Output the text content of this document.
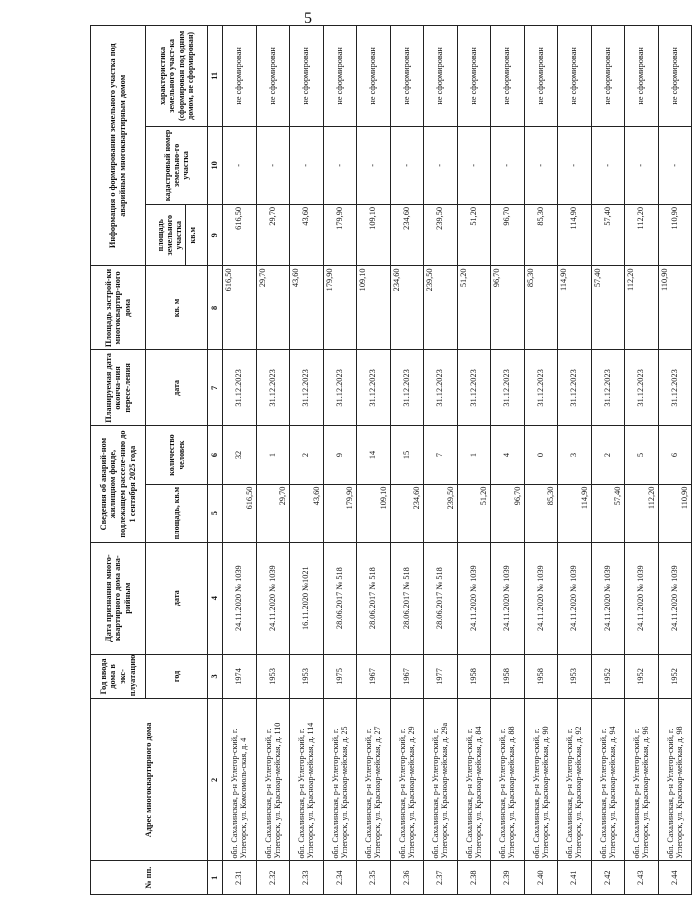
5
№ пп.	Адрес многоквартирного дома	Год ввода дома в экс-плуатацию	Дата признания много-квартирного дома ава-рийным	Сведения об аварий-ном жилищном фонде, подлежащем расселе-нию до 1 сентября 2025 года		Планируемая дата оконча-ния пересе-ления	Площадь застрой-ки многоквартир-ного дома	Информация о формировании земельного участка под аварийным многоквартирным домом		
		год	дата	площадь, кв.м	количество человек	дата	кв. м	площадь земельного участка кв.м	кадастровый номер земельно-го участка	характеристика земельного участ-ка (сформирован под одним домом, не сформирован)
1	2	3	4	5	6	7	8	9	10	11
2.31	обл. Сахалинская, р-н Углегор-ский, г. Углегорск, ул. Комсомоль-ская, д. 4	1974	24.11.2020 № 1039	616,50	32	31.12.2023	616,50	616,50	-	не сформирован
2.32	обл. Сахалинская, р-н Углегор-ский, г. Углегорск, ул. Краснoар-мейская, д. 110	1953	24.11.2020 № 1039	29,70	1	31.12.2023	29,70	29,70	-	не сформирован
2.33	обл. Сахалинская, р-н Углегор-ский, г. Углегорск, ул. Краснoар-мейская, д. 114	1953	16.11.2020 №1021	43,60	2	31.12.2023	43,60	43,60	-	не сформирован
2.34	обл. Сахалинская, р-н Углегор-ский, г. Углегорск, ул. Краснoар-мейская, д. 25	1975	28.06.2017 № 518	179,90	9	31.12.2023	179,90	179,90	-	не сформирован
2.35	обл. Сахалинская, р-н Углегор-ский, г. Углегорск, ул. Краснoар-мейская, д. 27	1967	28.06.2017 № 518	109,10	14	31.12.2023	109,10	109,10	-	не сформирован
2.36	обл. Сахалинская, р-н Углегор-ский, г. Углегорск, ул. Краснoар-мейская, д. 29	1967	28.06.2017 № 518	234,60	15	31.12.2023	234,60	234,60	-	не сформирован
2.37	обл. Сахалинская, р-н Углегор-ский, г. Углегорск, ул. Краснoар-мейская, д. 29а	1977	28.06.2017 № 518	239,50	7	31.12.2023	239,50	239,50	-	не сформирован
2.38	обл. Сахалинская, р-н Углегор-ский, г. Углегорск, ул. Краснoар-мейская, д. 84	1958	24.11.2020 № 1039	51,20	1	31.12.2023	51,20	51,20	-	не сформирован
2.39	обл. Сахалинская, р-н Углегор-ский, г. Углегорск, ул. Краснoар-мейская, д. 88	1958	24.11.2020 № 1039	96,70	4	31.12.2023	96,70	96,70	-	не сформирован
2.40	обл. Сахалинская, р-н Углегор-ский, г. Углегорск, ул. Краснoар-мейская, д. 90	1958	24.11.2020 № 1039	85,30	0	31.12.2023	85,30	85,30	-	не сформирован
2.41	обл. Сахалинская, р-н Углегор-ский, г. Углегорск, ул. Краснoар-мейская, д. 92	1953	24.11.2020 № 1039	114,90	3	31.12.2023	114,90	114,90	-	не сформирован
2.42	обл. Сахалинская, р-н Углегор-ский, г. Углегорск, ул. Краснoар-мейская, д. 94	1952	24.11.2020 № 1039	57,40	2	31.12.2023	57,40	57,40	-	не сформирован
2.43	обл. Сахалинская, р-н Углегор-ский, г. Углегорск, ул. Краснoар-мейская, д. 96	1952	24.11.2020 № 1039	112,20	5	31.12.2023	112,20	112,20	-	не сформирован
2.44	обл. Сахалинская, р-н Углегор-ский, г. Углегорск, ул. Краснoар-мейская, д. 98	1952	24.11.2020 № 1039	110,90	6	31.12.2023	110,90	110,90	-	не сформирован
